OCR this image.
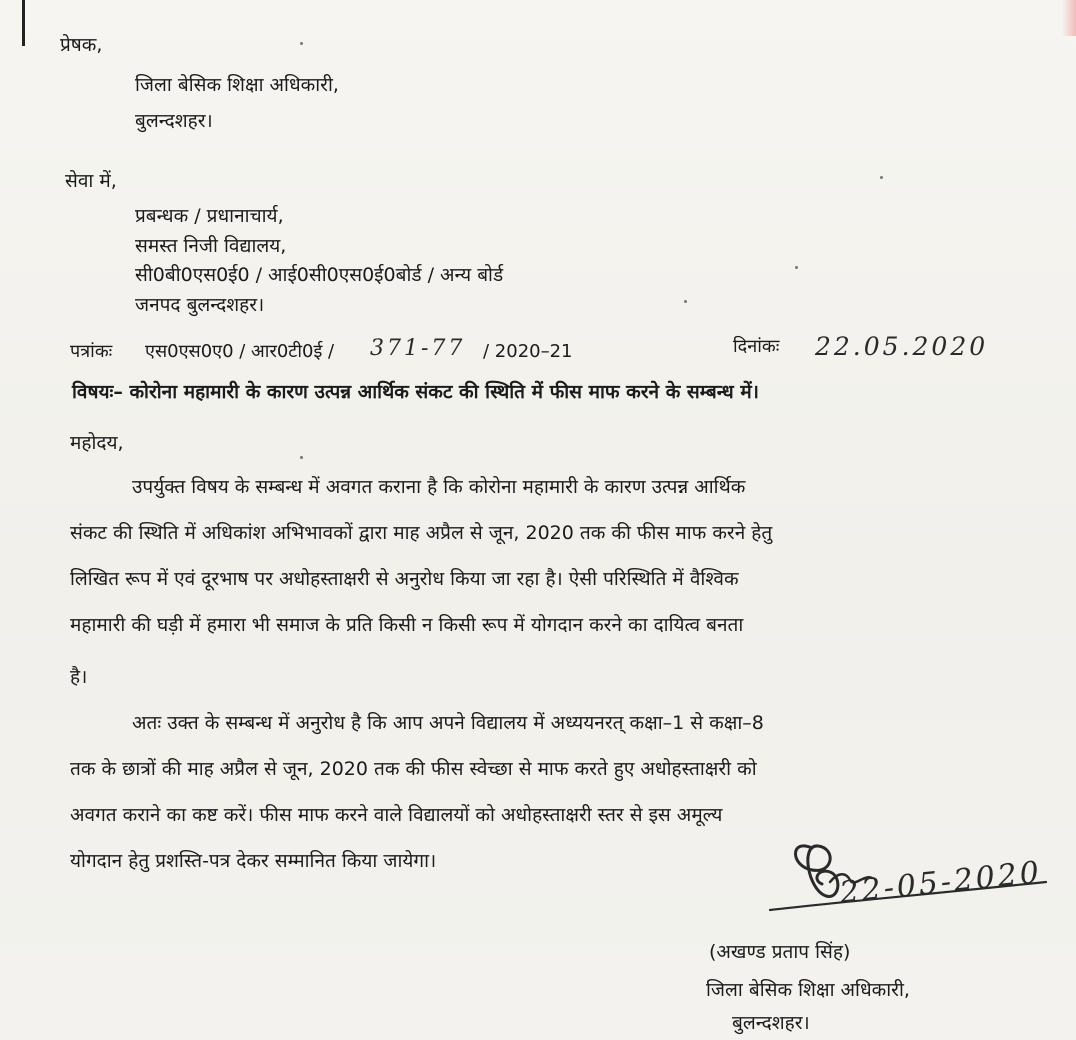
प्रेषक,
जिला बेसिक शिक्षा अधिकारी,
बुलन्दशहर।
सेवा में,
प्रबन्धक / प्रधानाचार्य,
समस्त निजी विद्यालय,
सी0बी0एस0ई0 / आई0सी0एस0ई0बोर्ड / अन्य बोर्ड
जनपद बुलन्दशहर।
पत्रांकः एस0एस0ए0 / आर0टी0ई / 371-77 / 2020–21	दिनांकः 22.05.2020
विषयः– कोरोना महामारी के कारण उत्पन्न आर्थिक संकट की स्थिति में फीस माफ करने के सम्बन्ध में।
महोदय,
उपर्युक्त विषय के सम्बन्ध में अवगत कराना है कि कोरोना महामारी के कारण उत्पन्न आर्थिक
संकट की स्थिति में अधिकांश अभिभावकों द्वारा माह अप्रैल से जून, 2020 तक की फीस माफ करने हेतु
लिखित रूप में एवं दूरभाष पर अधोहस्ताक्षरी से अनुरोध किया जा रहा है। ऐसी परिस्थिति में वैश्विक
महामारी की घड़ी में हमारा भी समाज के प्रति किसी न किसी रूप में योगदान करने का दायित्व बनता
है।
अतः उक्त के सम्बन्ध में अनुरोध है कि आप अपने विद्यालय में अध्ययनरत् कक्षा–1 से कक्षा–8
तक के छात्रों की माह अप्रैल से जून, 2020 तक की फीस स्वेच्छा से माफ करते हुए अधोहस्ताक्षरी को
अवगत कराने का कष्ट करें। फीस माफ करने वाले विद्यालयों को अधोहस्ताक्षरी स्तर से इस अमूल्य
योगदान हेतु प्रशस्ति-पत्र देकर सम्मानित किया जायेगा।	22-05-2020
(अखण्ड प्रताप सिंह)
जिला बेसिक शिक्षा अधिकारी,
बुलन्दशहर।
